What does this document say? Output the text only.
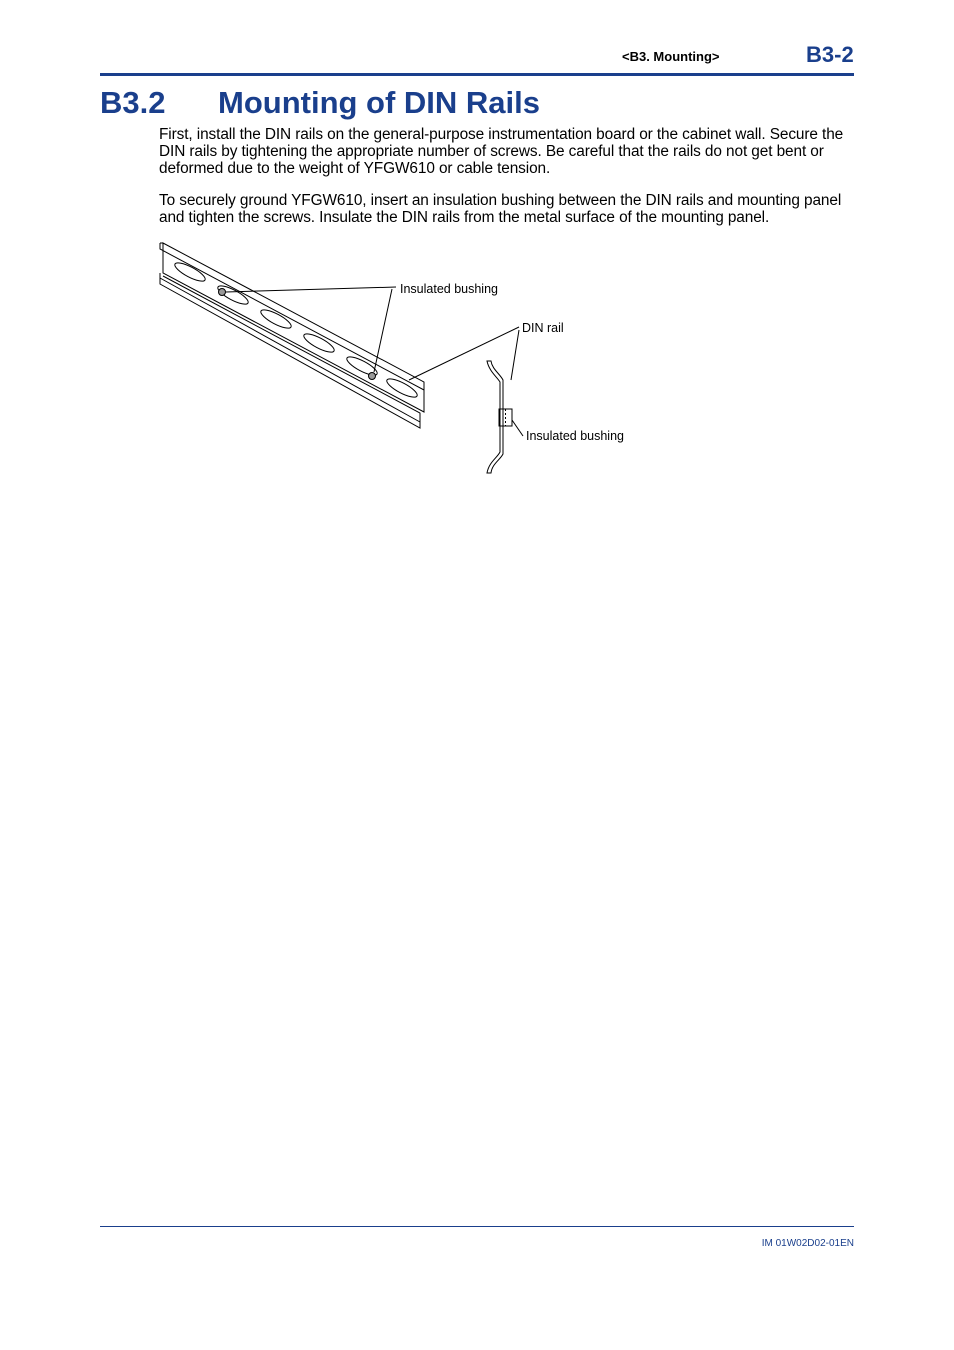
<B3. Mounting>	B3-2
B3.2 Mounting of DIN Rails

First, install the DIN rails on the general-purpose instrumentation board or the cabinet wall. Secure the DIN rails by tightening the appropriate number of screws. Be careful that the rails do not get bent or deformed due to the weight of YFGW610 or cable tension.

To securely ground YFGW610, insert an insulation bushing between the DIN rails and mounting panel and tighten the screws. Insulate the DIN rails from the metal surface of the mounting panel.

Insulated bushing
DIN rail
Insulated bushing
IM 01W02D02-01EN
